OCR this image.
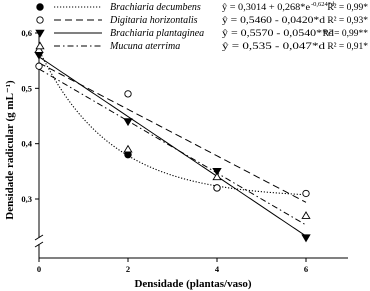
0	2	4	6
0,3
0,4
0,5
0,6
Brachiaria decumbens ŷ = 0,3014 + 0,268*e -0,624*d
R² = 0,99*
Digitaria horizontalis	ŷ = 0,5460 - 0,0420*d R² = 0,93*
Brachiaria plantaginea ŷ = 0,5570 - 0,0540**d
R² = 0,99**
Mucuna aterrima	ŷ = 0,535 - 0,047*d R² = 0,91*
Densidade (plantas/vaso)
Densidade radicular (g mL⁻¹)
